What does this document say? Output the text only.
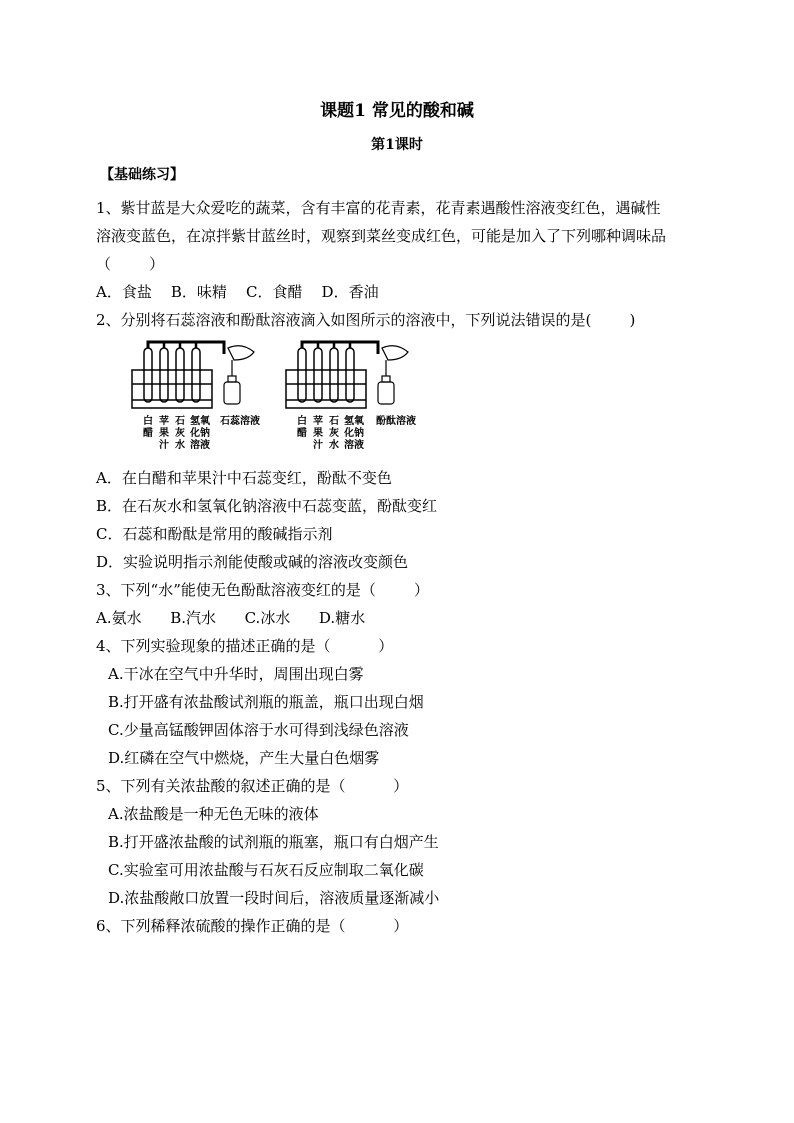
课题1 常见的酸和碱
第1课时
【基础练习】
1、紫甘蓝是大众爱吃的蔬菜，含有丰富的花青素，花青素遇酸性溶液变红色，遇碱性
溶液变蓝色，在凉拌紫甘蓝丝时，观察到菜丝变成红色，可能是加入了下列哪种调味品
（        ）
A．食盐    B．味精    C．食醋    D．香油
2、分别将石蕊溶液和酚酞溶液滴入如图所示的溶液中，下列说法错误的是(        )
白
醋
苹
果
汁
石
灰
水
氢氧
化钠
溶液
白
醋
苹
果
汁
石
灰
水
氢氧
化钠
溶液
石蕊溶液	酚酞溶液
A．在白醋和苹果汁中石蕊变红，酚酞不变色
B．在石灰水和氢氧化钠溶液中石蕊变蓝，酚酞变红
C．石蕊和酚酞是常用的酸碱指示剂
D．实验说明指示剂能使酸或碱的溶液改变颜色
3、下列“水”能使无色酚酞溶液变红的是（        ）
A.氨水      B.汽水      C.冰水      D.糖水
4、下列实验现象的描述正确的是（          ）
A.干冰在空气中升华时，周围出现白雾
B.打开盛有浓盐酸试剂瓶的瓶盖，瓶口出现白烟
C.少量高锰酸钾固体溶于水可得到浅绿色溶液
D.红磷在空气中燃烧，产生大量白色烟雾
5、下列有关浓盐酸的叙述正确的是（          ）
A.浓盐酸是一种无色无味的液体
B.打开盛浓盐酸的试剂瓶的瓶塞，瓶口有白烟产生
C.实验室可用浓盐酸与石灰石反应制取二氧化碳
D.浓盐酸敞口放置一段时间后，溶液质量逐渐减小
6、下列稀释浓硫酸的操作正确的是（          ）
